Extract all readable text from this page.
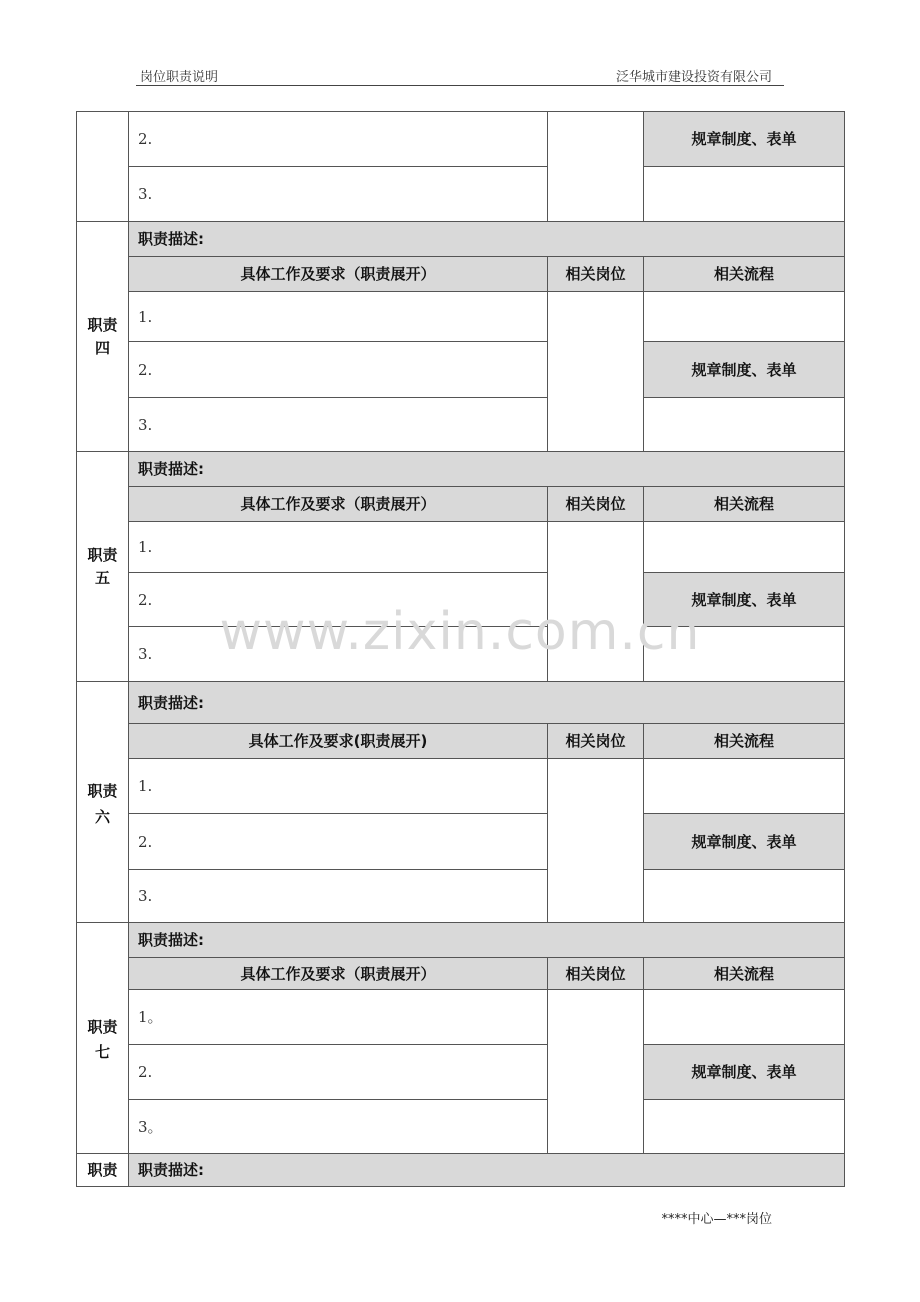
岗位职责说明	泛华城市建设投资有限公司
	2.		规章制度、表单
	3.		

职责
四	职责描述:		
	具体工作及要求（职责展开）	相关岗位	相关流程
	1.		
	2.		规章制度、表单
	3.		

职责
五	职责描述:		
	具体工作及要求（职责展开）	相关岗位	相关流程
	1.		
	2.		规章制度、表单
	3.		

职责
六	职责描述:		
	具体工作及要求(职责展开)	相关岗位	相关流程
	1.		
	2.		规章制度、表单
	3.		

职责
七	职责描述:		
	具体工作及要求（职责展开）	相关岗位	相关流程
	1。		
	2.		规章制度、表单
	3。		
职责	职责描述:		
www.zixin.com.cn
****中心—***岗位
